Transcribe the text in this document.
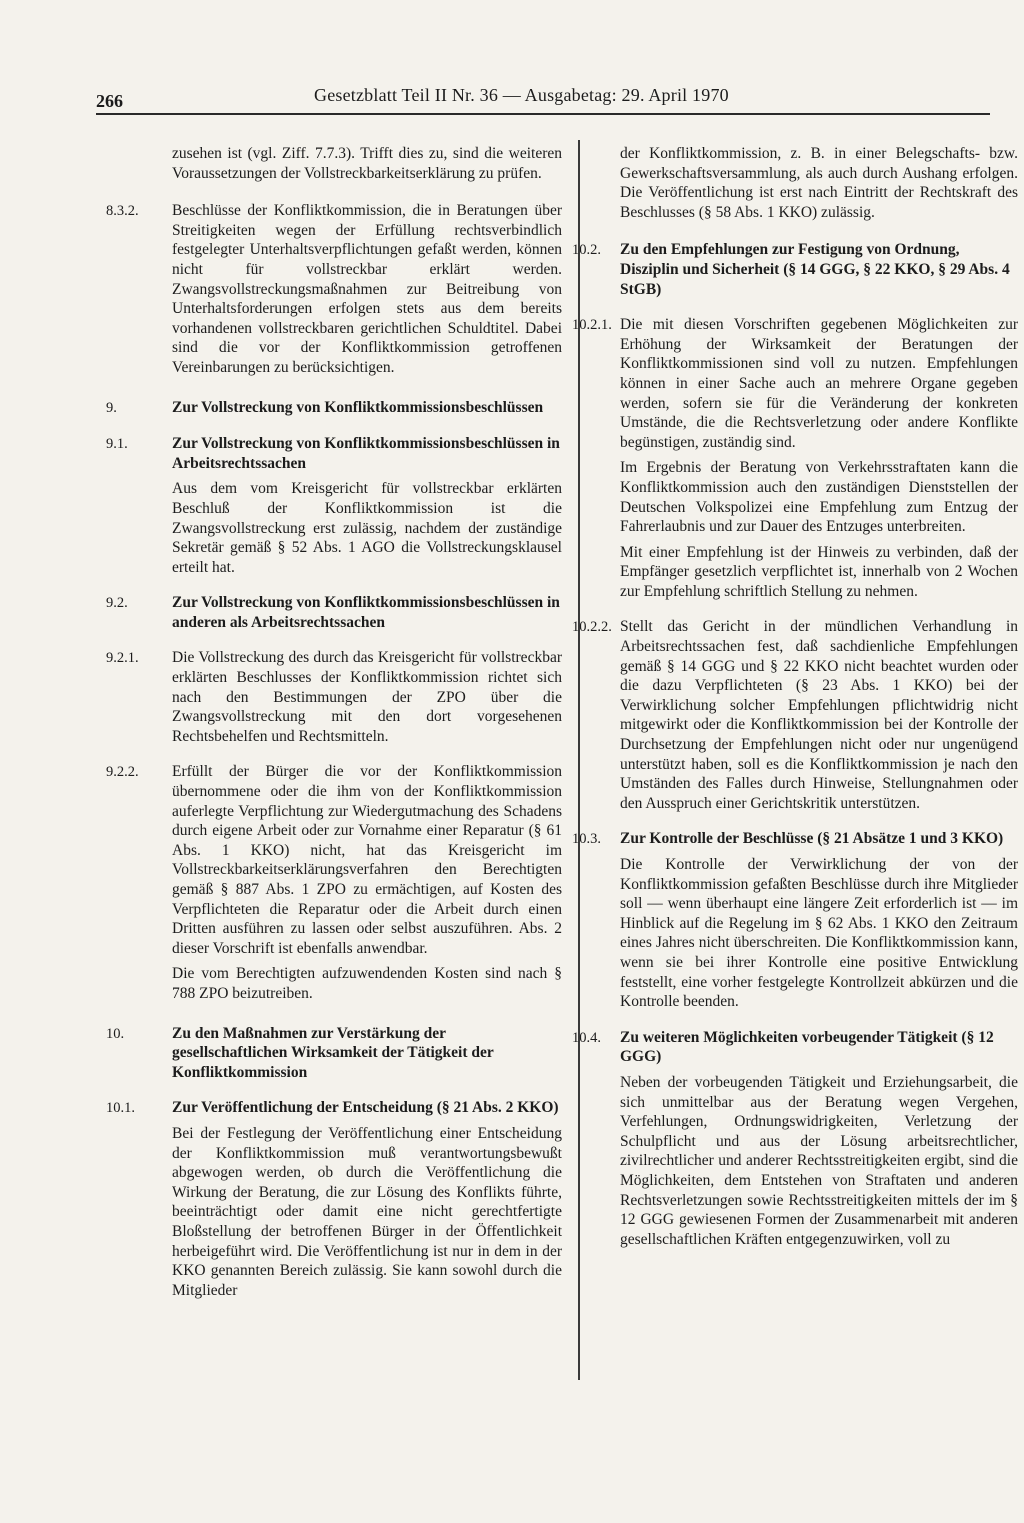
266	Gesetzblatt Teil II Nr. 36 — Ausgabetag: 29. April 1970
zusehen ist (vgl. Ziff. 7.7.3). Trifft dies zu, sind die weiteren Voraussetzungen der Vollstreckbarkeitserklärung zu prüfen.
8.3.2.	Beschlüsse der Konfliktkommission, die in Beratungen über Streitigkeiten wegen der Erfüllung rechtsverbindlich festgelegter Unterhaltsverpflichtungen gefaßt werden, können nicht für vollstreckbar erklärt werden. Zwangsvollstreckungsmaßnahmen zur Beitreibung von Unterhaltsforderungen erfolgen stets aus dem bereits vorhandenen vollstreckbaren gerichtlichen Schuldtitel. Dabei sind die vor der Konfliktkommission getroffenen Vereinbarungen zu berücksichtigen.
9.	Zur Vollstreckung von Konfliktkommissionsbeschlüssen
9.1.	Zur Vollstreckung von Konfliktkommissionsbeschlüssen in Arbeitsrechtssachen
Aus dem vom Kreisgericht für vollstreckbar erklärten Beschluß der Konfliktkommission ist die Zwangsvollstreckung erst zulässig, nachdem der zuständige Sekretär gemäß § 52 Abs. 1 AGO die Vollstreckungsklausel erteilt hat.
9.2.	Zur Vollstreckung von Konfliktkommissionsbeschlüssen in anderen als Arbeitsrechtssachen
9.2.1.	Die Vollstreckung des durch das Kreisgericht für vollstreckbar erklärten Beschlusses der Konfliktkommission richtet sich nach den Bestimmungen der ZPO über die Zwangsvollstreckung mit den dort vorgesehenen Rechtsbehelfen und Rechtsmitteln.
9.2.2.	Erfüllt der Bürger die vor der Konfliktkommission übernommene oder die ihm von der Konfliktkommission auferlegte Verpflichtung zur Wiedergutmachung des Schadens durch eigene Arbeit oder zur Vornahme einer Reparatur (§ 61 Abs. 1 KKO) nicht, hat das Kreisgericht im Vollstreckbarkeitserklärungsverfahren den Berechtigten gemäß § 887 Abs. 1 ZPO zu ermächtigen, auf Kosten des Verpflichteten die Reparatur oder die Arbeit durch einen Dritten ausführen zu lassen oder selbst auszuführen. Abs. 2 dieser Vorschrift ist ebenfalls anwendbar.
Die vom Berechtigten aufzuwendenden Kosten sind nach § 788 ZPO beizutreiben.
10.	Zu den Maßnahmen zur Verstärkung der gesellschaftlichen Wirksamkeit der Tätigkeit der Konfliktkommission
10.1.	Zur Veröffentlichung der Entscheidung (§ 21 Abs. 2 KKO)
Bei der Festlegung der Veröffentlichung einer Entscheidung der Konfliktkommission muß verantwortungsbewußt abgewogen werden, ob durch die Veröffentlichung die Wirkung der Beratung, die zur Lösung des Konflikts führte, beeinträchtigt oder damit eine nicht gerechtfertigte Bloßstellung der betroffenen Bürger in der Öffentlichkeit herbeigeführt wird. Die Veröffentlichung ist nur in dem in der KKO genannten Bereich zulässig. Sie kann sowohl durch die Mitglieder
der Konfliktkommission, z. B. in einer Belegschafts- bzw. Gewerkschaftsversammlung, als auch durch Aushang erfolgen. Die Veröffentlichung ist erst nach Eintritt der Rechtskraft des Beschlusses (§ 58 Abs. 1 KKO) zulässig.
10.2.	Zu den Empfehlungen zur Festigung von Ordnung, Disziplin und Sicherheit (§ 14 GGG, § 22 KKO, § 29 Abs. 4 StGB)
10.2.1. Die mit diesen Vorschriften gegebenen Möglichkeiten zur Erhöhung der Wirksamkeit der Beratungen der Konfliktkommissionen sind voll zu nutzen. Empfehlungen können in einer Sache auch an mehrere Organe gegeben werden, sofern sie für die Veränderung der konkreten Umstände, die die Rechtsverletzung oder andere Konflikte begünstigen, zuständig sind.
Im Ergebnis der Beratung von Verkehrsstraftaten kann die Konfliktkommission auch den zuständigen Dienststellen der Deutschen Volkspolizei eine Empfehlung zum Entzug der Fahrerlaubnis und zur Dauer des Entzuges unterbreiten.
Mit einer Empfehlung ist der Hinweis zu verbinden, daß der Empfänger gesetzlich verpflichtet ist, innerhalb von 2 Wochen zur Empfehlung schriftlich Stellung zu nehmen.
10.2.2. Stellt das Gericht in der mündlichen Verhandlung in Arbeitsrechtssachen fest, daß sachdienliche Empfehlungen gemäß § 14 GGG und § 22 KKO nicht beachtet wurden oder die dazu Verpflichteten (§ 23 Abs. 1 KKO) bei der Verwirklichung solcher Empfehlungen pflichtwidrig nicht mitgewirkt oder die Konfliktkommission bei der Kontrolle der Durchsetzung der Empfehlungen nicht oder nur ungenügend unterstützt haben, soll es die Konfliktkommission je nach den Umständen des Falles durch Hinweise, Stellungnahmen oder den Ausspruch einer Gerichtskritik unterstützen.
10.3.	Zur Kontrolle der Beschlüsse (§ 21 Absätze 1 und 3 KKO)
Die Kontrolle der Verwirklichung der von der Konfliktkommission gefaßten Beschlüsse durch ihre Mitglieder soll — wenn überhaupt eine längere Zeit erforderlich ist — im Hinblick auf die Regelung im § 62 Abs. 1 KKO den Zeitraum eines Jahres nicht überschreiten. Die Konfliktkommission kann, wenn sie bei ihrer Kontrolle eine positive Entwicklung feststellt, eine vorher festgelegte Kontrollzeit abkürzen und die Kontrolle beenden.
10.4.	Zu weiteren Möglichkeiten vorbeugender Tätigkeit (§ 12 GGG)
Neben der vorbeugenden Tätigkeit und Erziehungsarbeit, die sich unmittelbar aus der Beratung wegen Vergehen, Verfehlungen, Ordnungswidrigkeiten, Verletzung der Schulpflicht und aus der Lösung arbeitsrechtlicher, zivilrechtlicher und anderer Rechtsstreitigkeiten ergibt, sind die Möglichkeiten, dem Entstehen von Straftaten und anderen Rechtsverletzungen sowie Rechtsstreitigkeiten mittels der im § 12 GGG gewiesenen Formen der Zusammenarbeit mit anderen gesellschaftlichen Kräften entgegenzuwirken, voll zu
